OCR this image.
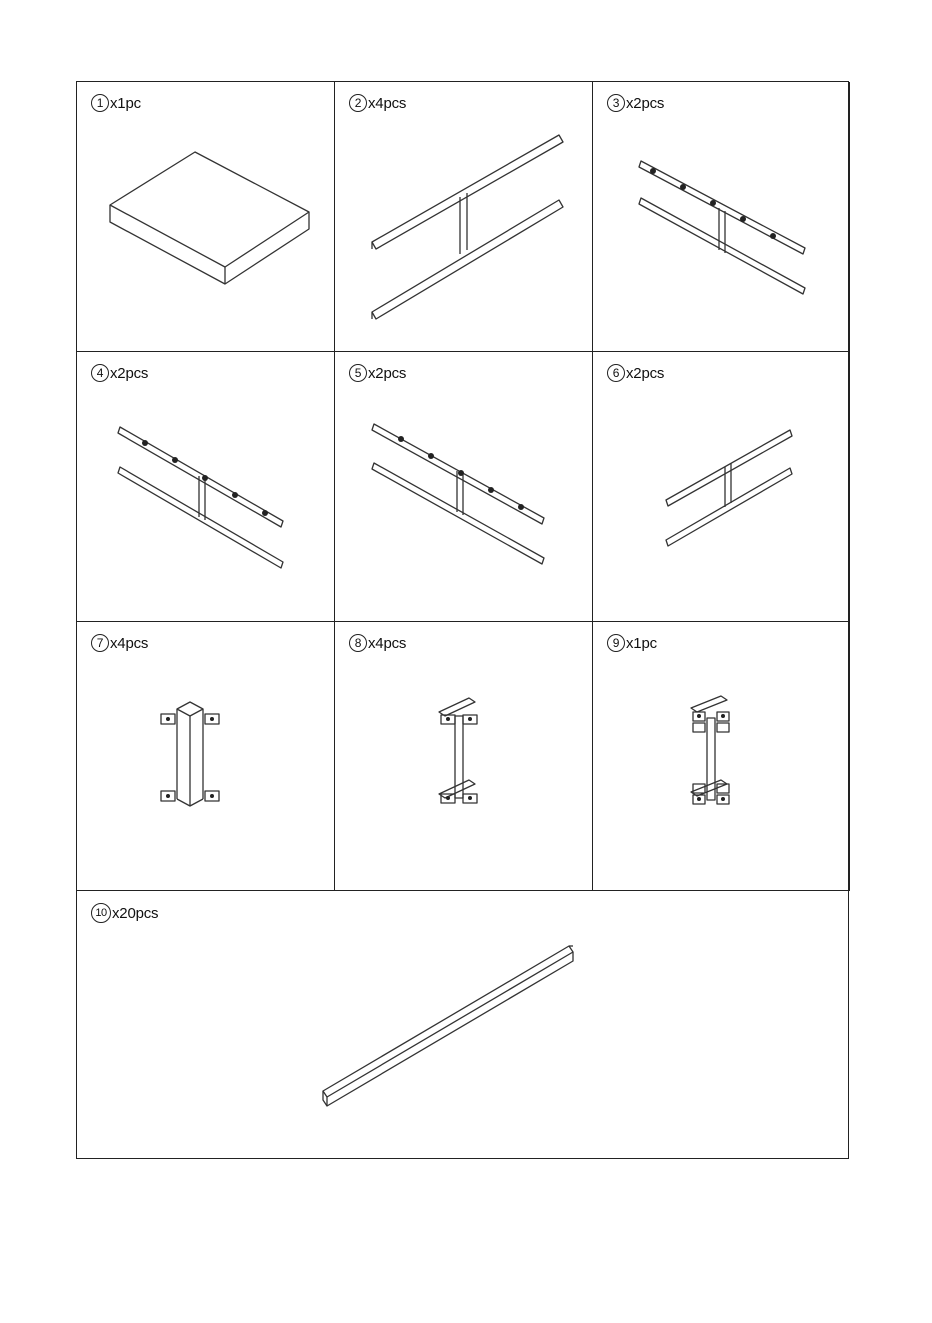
1 x1pc	2 x4pcs	3 x2pcs
4 x2pcs	5 x2pcs	6 x2pcs
7 x4pcs	8 x4pcs	9 x1pc
10 x20pcs
